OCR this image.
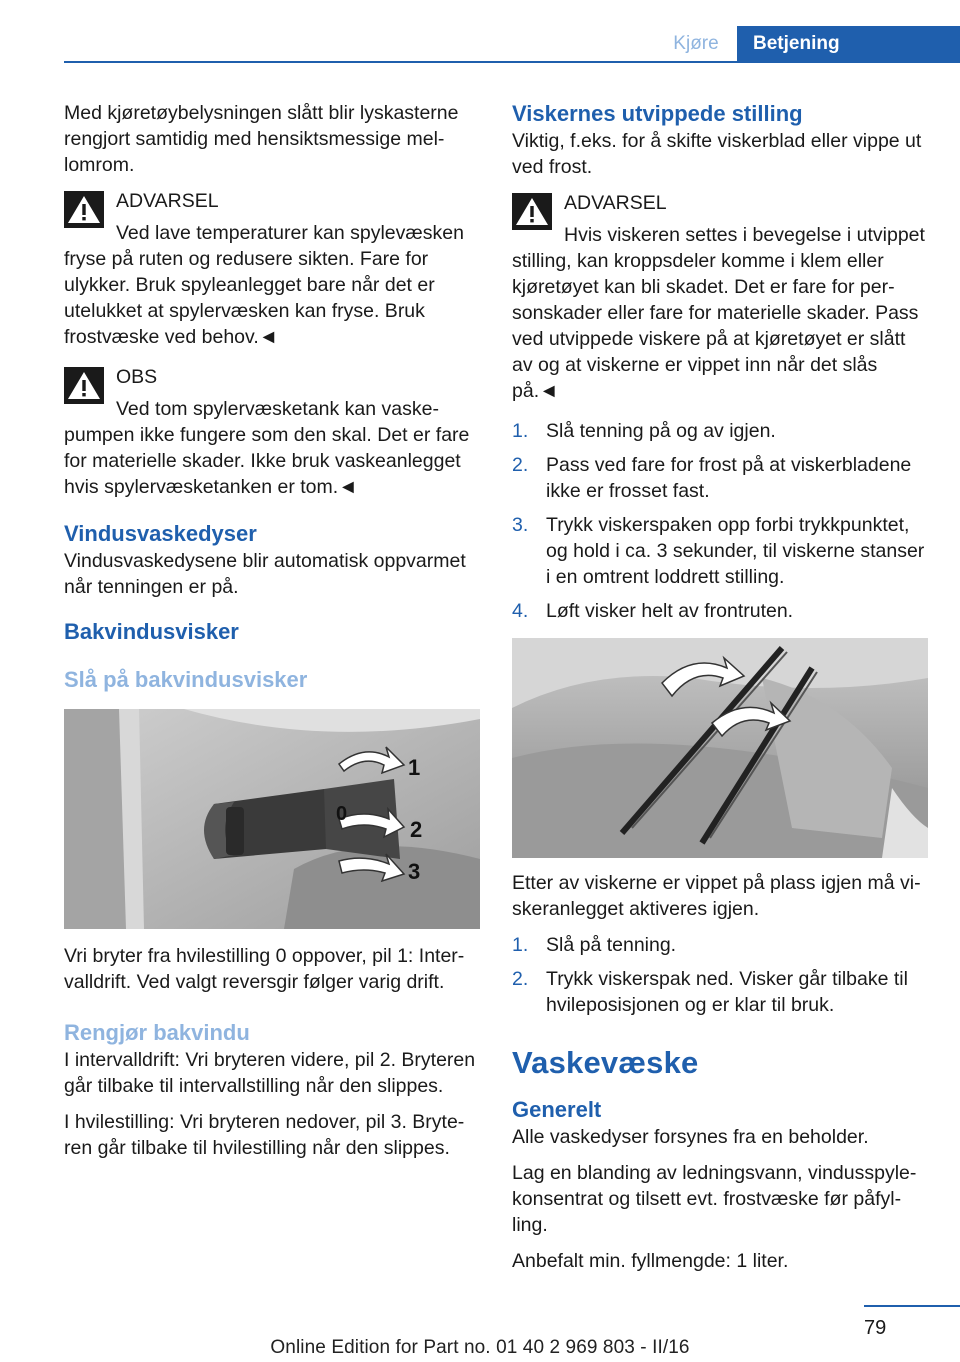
Kjøre	Betjening

Med kjøretøybelysningen slått blir lyskasterne rengjort samtidig med hensiktsmessige mellomrom.

ADVARSEL
Ved lave temperaturer kan spylevæsken fryse på ruten og redusere sikten. Fare for ulykker. Bruk spyleanlegget bare når det er utelukket at spylervæsken kan fryse. Bruk frostvæske ved behov.◄
OBS
Ved tom spylervæsketank kan vaskepumpen ikke fungere som den skal. Det er fare for materielle skader. Ikke bruk vaskeanlegget hvis spylervæsketanken er tom.◄
Vindusvaskedyser

Vindusvaskedysene blir automatisk oppvarmet når tenningen er på.

Bakvindusvisker
Slå på bakvindusvisker
0
1
2
3

Vri bryter fra hvilestilling 0 oppover, pil 1: Intervalldrift. Ved valgt reversgir følger varig drift.

Rengjør bakvindu

I intervalldrift: Vri bryteren videre, pil 2. Bryteren går tilbake til intervallstilling når den slippes.

I hvilestilling: Vri bryteren nedover, pil 3. Bryteren går tilbake til hvilestilling når den slippes.

Viskernes utvippede stilling

Viktig, f.eks. for å skifte viskerblad eller vippe ut ved frost.

ADVARSEL
Hvis viskeren settes i bevegelse i utvippet stilling, kan kroppsdeler komme i klem eller kjøretøyet kan bli skadet. Det er fare for personskader eller fare for materielle skader. Pass ved utvippede viskere på at kjøretøyet er slått av og at viskerne er vippet inn når det slås på.◄
1. Slå tenning på og av igjen.
2. Pass ved fare for frost på at viskerbladene ikke er frosset fast.
3. Trykk viskerspaken opp forbi trykkpunktet, og hold i ca. 3 sekunder, til viskerne stanser i en omtrent loddrett stilling.
4. Løft visker helt av frontruten.

Etter av viskerne er vippet på plass igjen må viskeranlegget aktiveres igjen.

1. Slå på tenning.
2. Trykk viskerspak ned. Visker går tilbake til hvileposisjonen og er klar til bruk.
Vaskevæske
Generelt

Alle vaskedyser forsynes fra en beholder.

Lag en blanding av ledningsvann, vindusspylekonsentrat og tilsett evt. frostvæske før påfylling.

Anbefalt min. fyllmengde: 1 liter.

79
Online Edition for Part no. 01 40 2 969 803 - II/16
